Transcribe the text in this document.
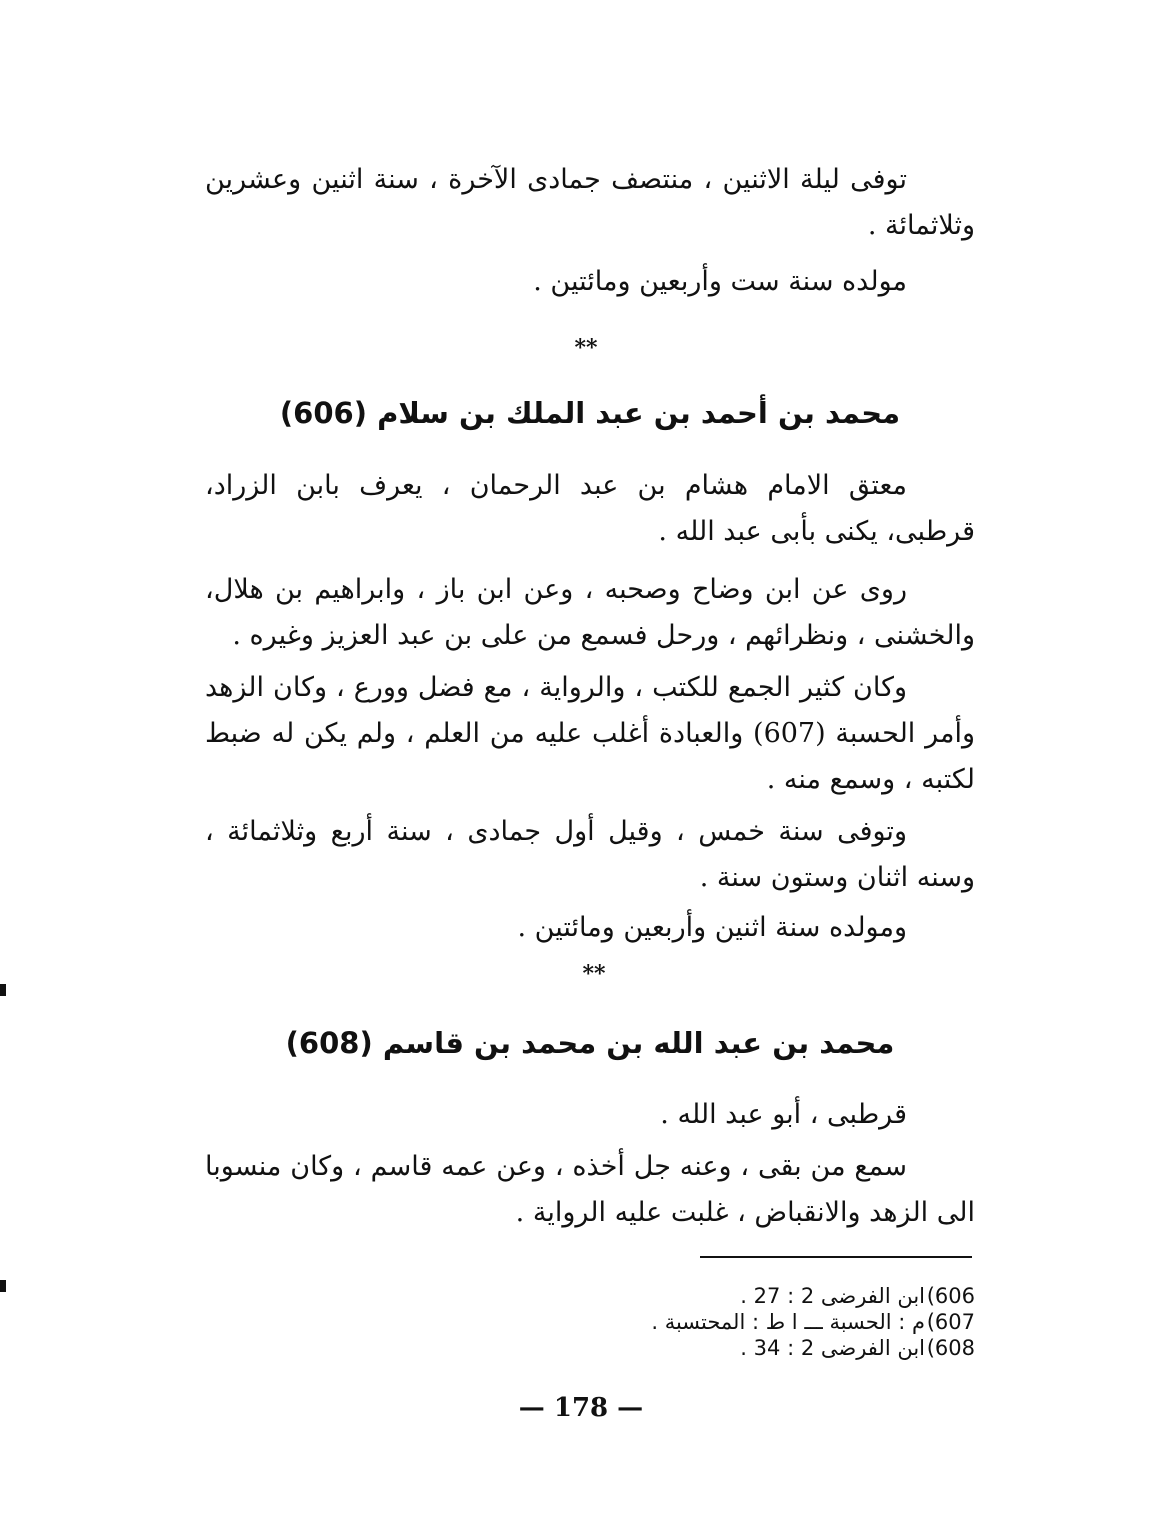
توفى ليلة الاثنين ، منتصف جمادى الآخرة ، سنة اثنين وعشرين وثلاثمائة .

مولده سنة ست وأربعين ومائتين .

**
محمد بن أحمد بن عبد الملك بن سلام (606)

معتق الامام هشام بن عبد الرحمان ، يعرف بابن الزراد، قرطبى، يكنى بأبى عبد الله .

روى عن ابن وضاح وصحبه ، وعن ابن باز ، وابراهيم بن هلال، والخشنى ، ونظرائهم ، ورحل فسمع من على بن عبد العزيز وغيره .

وكان كثير الجمع للكتب ، والرواية ، مع فضل وورع ، وكان الزهد وأمر الحسبة (607) والعبادة أغلب عليه من العلم ، ولم يكن له ضبط لكتبه ، وسمع منه .

وتوفى سنة خمس ، وقيل أول جمادى ، سنة أربع وثلاثمائة ، وسنه اثنان وستون سنة .

ومولده سنة اثنين وأربعين ومائتين .

**
محمد بن عبد الله بن محمد بن قاسم (608)

قرطبى ، أبو عبد الله .

سمع من بقى ، وعنه جل أخذه ، وعن عمه قاسم ، وكان منسوبا الى الزهد والانقباض ، غلبت عليه الرواية .

606)ابن الفرضى 2 : 27 .
607)م : الحسبة ـــ ا ط : المحتسبة .
608)ابن الفرضى 2 : 34 .
— 178 —
